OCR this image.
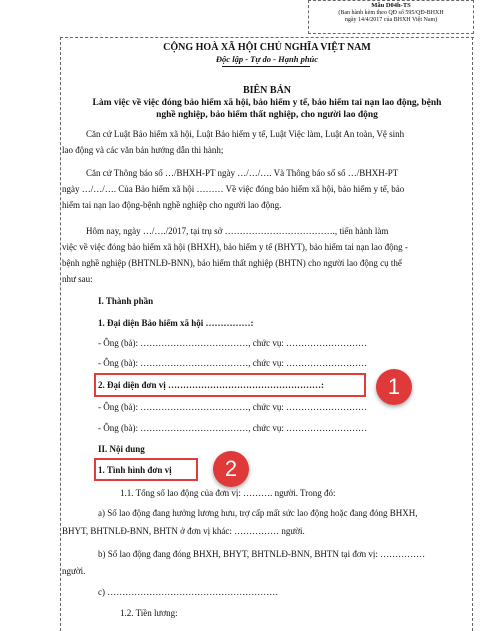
Mẫu D04h-TS
(Ban hành kèm theo QĐ số 595/QĐ-BHXH
ngày 14/4/2017 của BHXH Việt Nam)
CỘNG HOÀ XÃ HỘI CHỦ NGHĨA VIỆT NAM
Độc lập - Tự do - Hạnh phúc
BIÊN BẢN
Làm việc về việc đóng bảo hiểm xã hội, bảo hiểm y tế, bảo hiểm tai nạn lao động, bệnh
nghề nghiệp, bảo hiểm thất nghiệp, cho người lao động
Căn cứ Luật Bảo hiểm xã hội, Luật Bảo hiểm y tế, Luật Việc làm, Luật An toàn, Vệ sinh
lao động và các văn bản hướng dẫn thi hành;
Căn cứ Thông báo số …/BHXH-PT ngày …/…/…. Và Thông báo số số …/BHXH-PT
ngày …/…/…. Của Bảo hiểm xã hội ……… Về việc đóng bảo hiểm xã hội, bảo hiểm y tế, bảo
hiểm tai nạn lao động-bệnh nghề nghiệp cho người lao động.
Hôm nay, ngày …/…./2017, tại trụ sở ………………………………., tiến hành làm
việc về việc đóng bảo hiểm xã hội (BHXH), bảo hiểm y tế (BHYT), bảo hiểm tai nạn lao động -
bệnh nghề nghiệp (BHTNLĐ-BNN), bảo hiểm thất nghiệp (BHTN) cho người lao động cụ thể
như sau:
I. Thành phần
1. Đại diện Bảo hiểm xã hội ……………:
- Ông (bà): ………………………………, chức vụ: ………………………
- Ông (bà): ………………………………, chức vụ: ………………………
2. Đại diện đơn vị ……………………………………………:
- Ông (bà): ………………………………, chức vụ: ………………………
- Ông (bà): ………………………………, chức vụ: ………………………
II. Nội dung
1. Tình hình đơn vị
1.1. Tổng số lao động của đơn vị: ………. người. Trong đó:
a) Số lao động đang hưởng lương hưu, trợ cấp mất sức lao động hoặc đang đóng BHXH,
BHYT, BHTNLĐ-BNN, BHTN ở đơn vị khác: …………… người.
b) Số lao động đang đóng BHXH, BHYT, BHTNLĐ-BNN, BHTN tại đơn vị: ……………
người.
c) …………………………………………………
1.2. Tiền lương:
1
2
